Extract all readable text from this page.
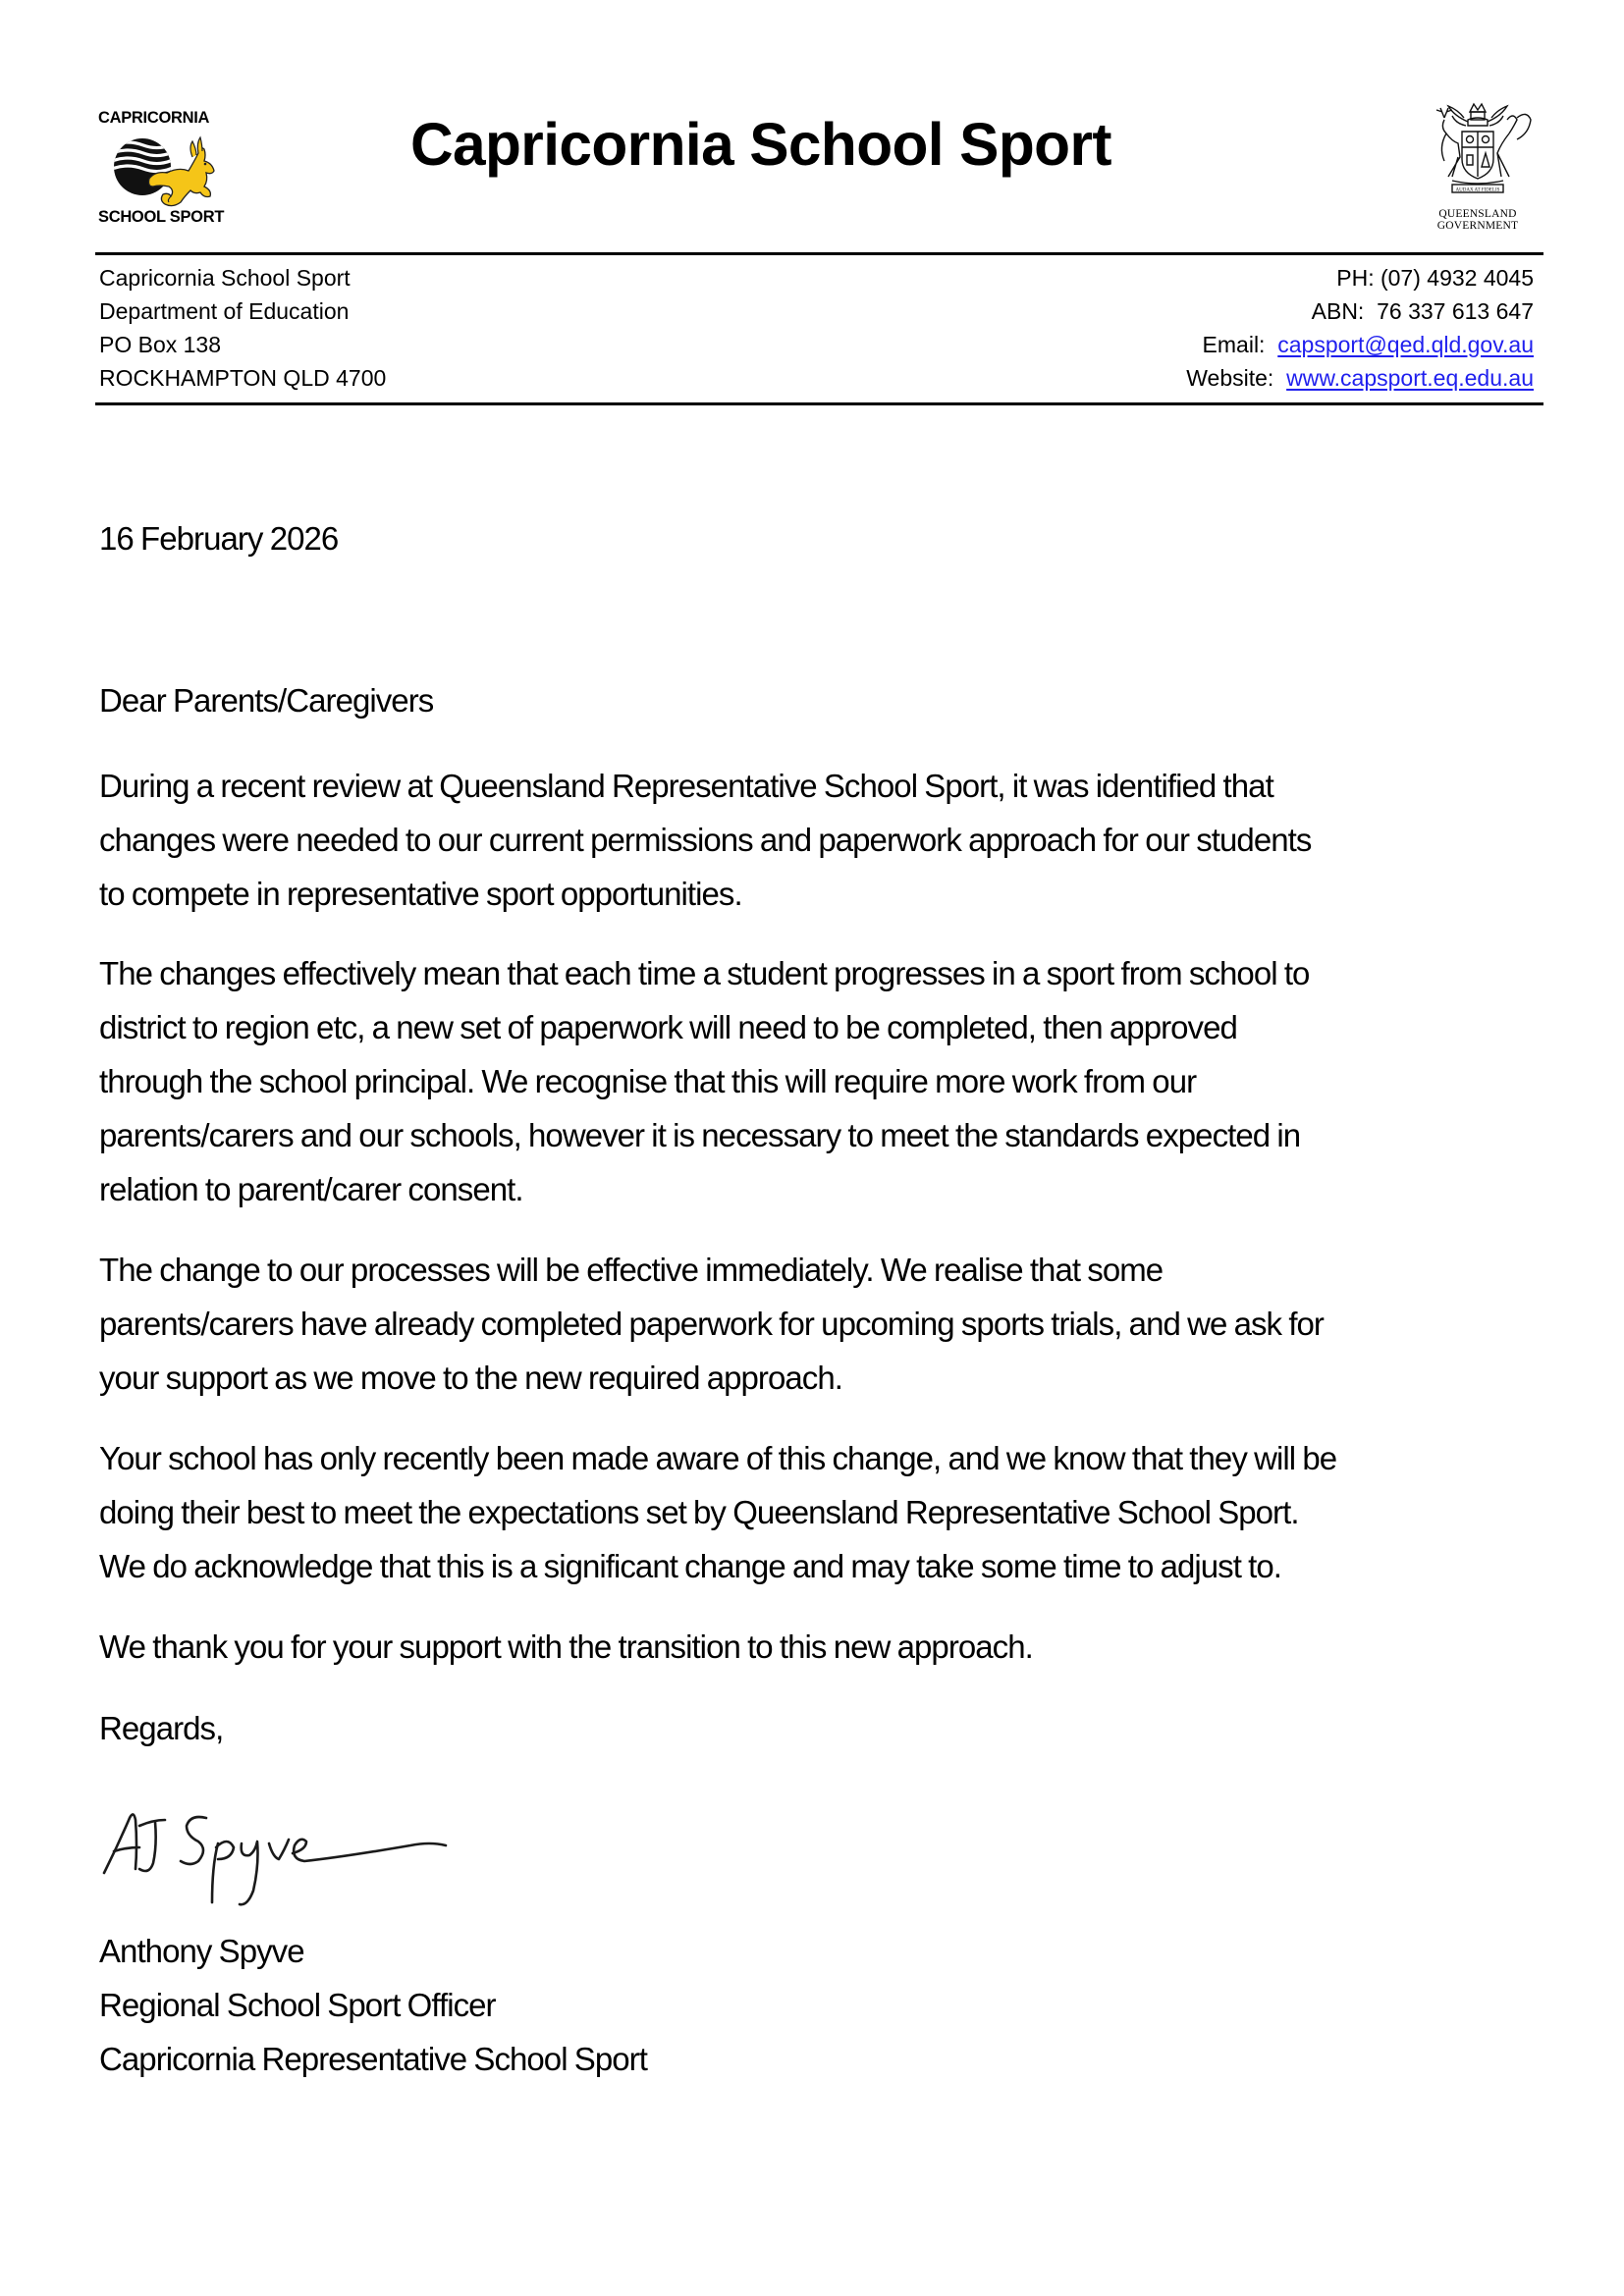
CAPRICORNIA
SCHOOL SPORT
Capricornia School Sport
AUDAX AT FIDELIS
QUEENSLAND
GOVERNMENT
Capricornia School Sport
Department of Education
PO Box 138
ROCKHAMPTON QLD 4700
PH: (07) 4932 4045
ABN: 76 337 613 647
Email: capsport@qed.qld.gov.au
Website: www.capsport.eq.edu.au
16 February 2026
Dear Parents/Caregivers
During a recent review at Queensland Representative School Sport, it was identified that
changes were needed to our current permissions and paperwork approach for our students
to compete in representative sport opportunities.
The changes effectively mean that each time a student progresses in a sport from school to
district to region etc, a new set of paperwork will need to be completed, then approved
through the school principal. We recognise that this will require more work from our
parents/carers and our schools, however it is necessary to meet the standards expected in
relation to parent/carer consent.
The change to our processes will be effective immediately. We realise that some
parents/carers have already completed paperwork for upcoming sports trials, and we ask for
your support as we move to the new required approach.
Your school has only recently been made aware of this change, and we know that they will be
doing their best to meet the expectations set by Queensland Representative School Sport.
We do acknowledge that this is a significant change and may take some time to adjust to.
We thank you for your support with the transition to this new approach.
Regards,
Anthony Spyve
Regional School Sport Officer
Capricornia Representative School Sport
